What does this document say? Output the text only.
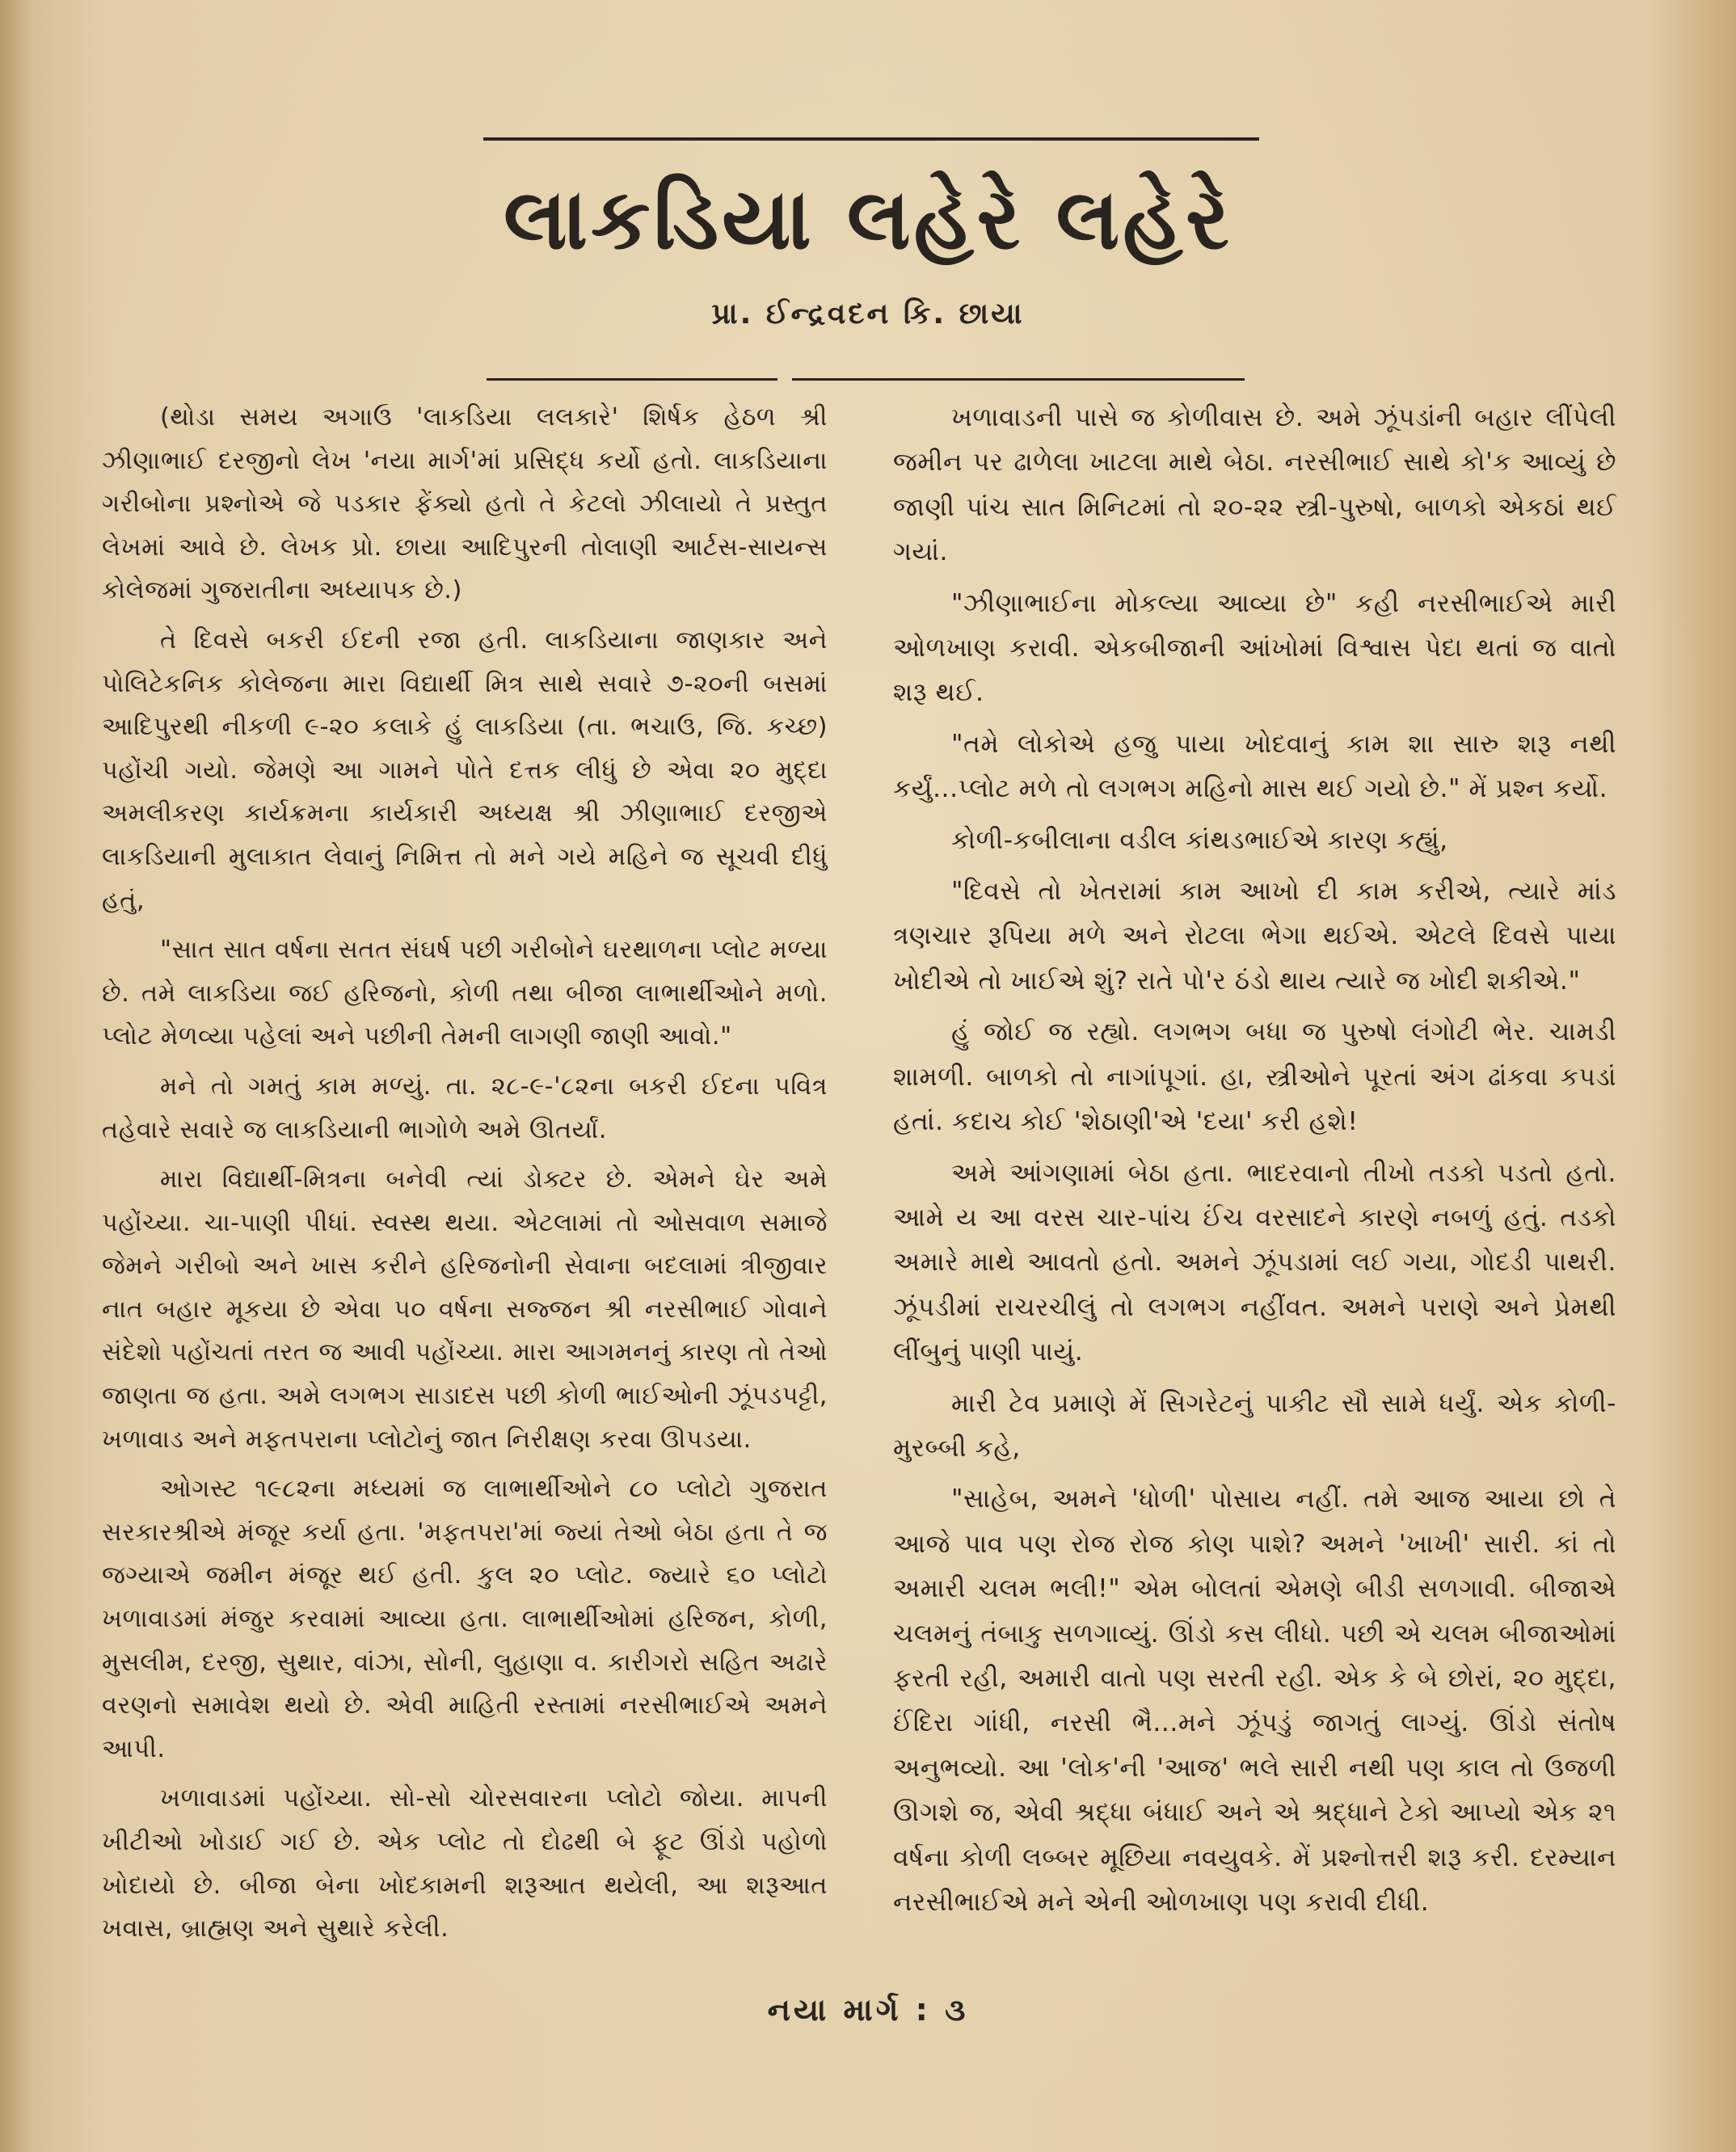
લાકડિયા લહેરે લહેરે
પ્રા. ઈન્દ્રવદન કિ. છાયા

(થોડા સમય અગાઉ 'લાકડિયા લલકારે' શિર્ષક હેઠળ શ્રી ઝીણાભાઈ દરજીનો લેખ 'નયા માર્ગ'માં પ્રસિદ્ધ કર્યો હતો. લાકડિયાના ગરીબોના પ્રશ્નોએ જે પડકાર ફેંક્યો હતો તે કેટલો ઝીલાયો તે પ્રસ્તુત લેખમાં આવે છે. લેખક પ્રો. છાયા આદિપુરની તોલાણી આર્ટસ-સાયન્સ કોલેજમાં ગુજરાતીના અધ્યાપક છે.)

તે દિવસે બકરી ઈદની રજા હતી. લાકડિયાના જાણકાર અને પોલિટેકનિક કોલેજના મારા વિદ્યાર્થી મિત્ર સાથે સવારે ૭-૨૦ની બસમાં આદિપુરથી નીકળી ૯-૨૦ કલાકે હું લાકડિયા (તા. ભચાઉ, જિ. કચ્છ) પહોંચી ગયો. જેમણે આ ગામને પોતે દત્તક લીધું છે એવા ૨૦ મુદ્દા અમલીકરણ કાર્યક્રમના કાર્યકારી અધ્યક્ષ શ્રી ઝીણાભાઈ દરજીએ લાકડિયાની મુલાકાત લેવાનું નિમિત્ત તો મને ગયે મહિને જ સૂચવી દીધું હતું,

"સાત સાત વર્ષના સતત સંઘર્ષ પછી ગરીબોને ઘરથાળના પ્લોટ મળ્યા છે. તમે લાકડિયા જઈ હરિજનો, કોળી તથા બીજા લાભાર્થીઓને મળો. પ્લોટ મેળવ્યા પહેલાં અને પછીની તેમની લાગણી જાણી આવો."

મને તો ગમતું કામ મળ્યું. તા. ૨૮-૯-'૮૨ના બકરી ઈદના પવિત્ર તહેવારે સવારે જ લાકડિયાની ભાગોળે અમે ઊતર્યાં.

મારા વિદ્યાર્થી-મિત્રના બનેવી ત્યાં ડોક્ટર છે. એમને ઘેર અમે પહોંચ્યા. ચા-પાણી પીધાં. સ્વસ્થ થયા. એટલામાં તો ઓસવાળ સમાજે જેમને ગરીબો અને ખાસ કરીને હરિજનોની સેવાના બદલામાં ત્રીજીવાર નાત બહાર મૂકયા છે એવા ૫૦ વર્ષના સજ્જન શ્રી નરસીભાઈ ગોવાને સંદેશો પહોંચતાં તરત જ આવી પહોંચ્યા. મારા આગમનનું કારણ તો તેઓ જાણતા જ હતા. અમે લગભગ સાડાદસ પછી કોળી ભાઈઓની ઝૂંપડપટ્ટી, ખળાવાડ અને મફતપરાના પ્લોટોનું જાત નિરીક્ષણ કરવા ઊપડયા.

ઓગસ્ટ ૧૯૮૨ના મધ્યમાં જ લાભાર્થીઓને ૮૦ પ્લોટો ગુજરાત સરકારશ્રીએ મંજૂર કર્યા હતા. 'મફતપરા'માં જ્યાં તેઓ બેઠા હતા તે જ જગ્યાએ જમીન મંજૂર થઈ હતી. કુલ ૨૦ પ્લોટ. જ્યારે ૬૦ પ્લોટો ખળાવાડમાં મંજુર કરવામાં આવ્યા હતા. લાભાર્થીઓમાં હરિજન, કોળી, મુસલીમ, દરજી, સુથાર, વાંઝા, સોની, લુહાણા વ. કારીગરો સહિત અઢારે વરણનો સમાવેશ થયો છે. એવી માહિતી રસ્તામાં નરસીભાઈએ અમને આપી.

ખળાવાડમાં પહોંચ્યા. સો-સો ચોરસવારના પ્લોટો જોયા. માપની ખીટીઓ ખોડાઈ ગઈ છે. એક પ્લોટ તો દોઢથી બે ફૂટ ઊંડો પહોળો ખોદાયો છે. બીજા બેના ખોદકામની શરૂઆત થયેલી, આ શરૂઆત ખવાસ, બ્રાહ્મણ અને સુથારે કરેલી.

ખળાવાડની પાસે જ કોળીવાસ છે. અમે ઝૂંપડાંની બહાર લીંપેલી જમીન પર ઢાળેલા ખાટલા માથે બેઠા. નરસીભાઈ સાથે કો'ક આવ્યું છે જાણી પાંચ સાત મિનિટમાં તો ૨૦-૨૨ સ્ત્રી-પુરુષો, બાળકો એકઠાં થઈ ગયાં.

"ઝીણાભાઈના મોકલ્યા આવ્યા છે" કહી નરસીભાઈએ મારી ઓળખાણ કરાવી. એકબીજાની આંખોમાં વિશ્વાસ પેદા થતાં જ વાતો શરૂ થઈ.

"તમે લોકોએ હજુ પાયા ખોદવાનું કામ શા સારુ શરૂ નથી કર્યું...પ્લોટ મળે તો લગભગ મહિનો માસ થઈ ગયો છે." મેં પ્રશ્ન કર્યો.

કોળી-કબીલાના વડીલ કાંથડભાઈએ કારણ કહ્યું,

"દિવસે તો ખેતરામાં કામ આખો દી કામ કરીએ, ત્યારે માંડ ત્રણચાર રૂપિયા મળે અને રોટલા ભેગા થઈએ. એટલે દિવસે પાયા ખોદીએ તો ખાઈએ શું? રાતે પો'ર ઠંડો થાય ત્યારે જ ખોદી શકીએ."

હું જોઈ જ રહ્યો. લગભગ બધા જ પુરુષો લંગોટી ભેર. ચામડી શામળી. બાળકો તો નાગાંપૂગાં. હા, સ્ત્રીઓને પૂરતાં અંગ ઢાંકવા કપડાં હતાં. કદાચ કોઈ 'શેઠાણી'એ 'દયા' કરી હશે!

અમે આંગણામાં બેઠા હતા. ભાદરવાનો તીખો તડકો પડતો હતો. આમે ય આ વરસ ચાર-પાંચ ઈંચ વરસાદને કારણે નબળું હતું. તડકો અમારે માથે આવતો હતો. અમને ઝૂંપડામાં લઈ ગયા, ગોદડી પાથરી. ઝૂંપડીમાં રાચરચીલું તો લગભગ નહીંવત. અમને પરાણે અને પ્રેમથી લીંબુનું પાણી પાયું.

મારી ટેવ પ્રમાણે મેં સિગરેટનું પાકીટ સૌ સામે ધર્યું. એક કોળી-મુરબ્બી કહે,

"સાહેબ, અમને 'ધોળી' પોસાય નહીં. તમે આજ આયા છો તે આજે પાવ પણ રોજ રોજ કોણ પાશે? અમને 'ખાખી' સારી. કાં તો અમારી ચલમ ભલી!" એમ બોલતાં એમણે બીડી સળગાવી. બીજાએ ચલમનું તંબાકુ સળગાવ્યું. ઊંડો કસ લીધો. પછી એ ચલમ બીજાઓમાં ફરતી રહી, અમારી વાતો પણ સરતી રહી. એક કે બે છોરાં, ૨૦ મુદ્દા, ઈંદિરા ગાંધી, નરસી ભૈ...મને ઝૂંપડું જાગતું લાગ્યું. ઊંડો સંતોષ અનુભવ્યો. આ 'લોક'ની 'આજ' ભલે સારી નથી પણ કાલ તો ઉજળી ઊગશે જ, એવી શ્રદ્ધા બંધાઈ અને એ શ્રદ્ધાને ટેકો આપ્યો એક ૨૧ વર્ષના કોળી લબ્બર મૂછિયા નવયુવકે. મેં પ્રશ્નોત્તરી શરૂ કરી. દરમ્યાન નરસીભાઈએ મને એની ઓળખાણ પણ કરાવી દીધી.

નયા માર્ગ : ૩
